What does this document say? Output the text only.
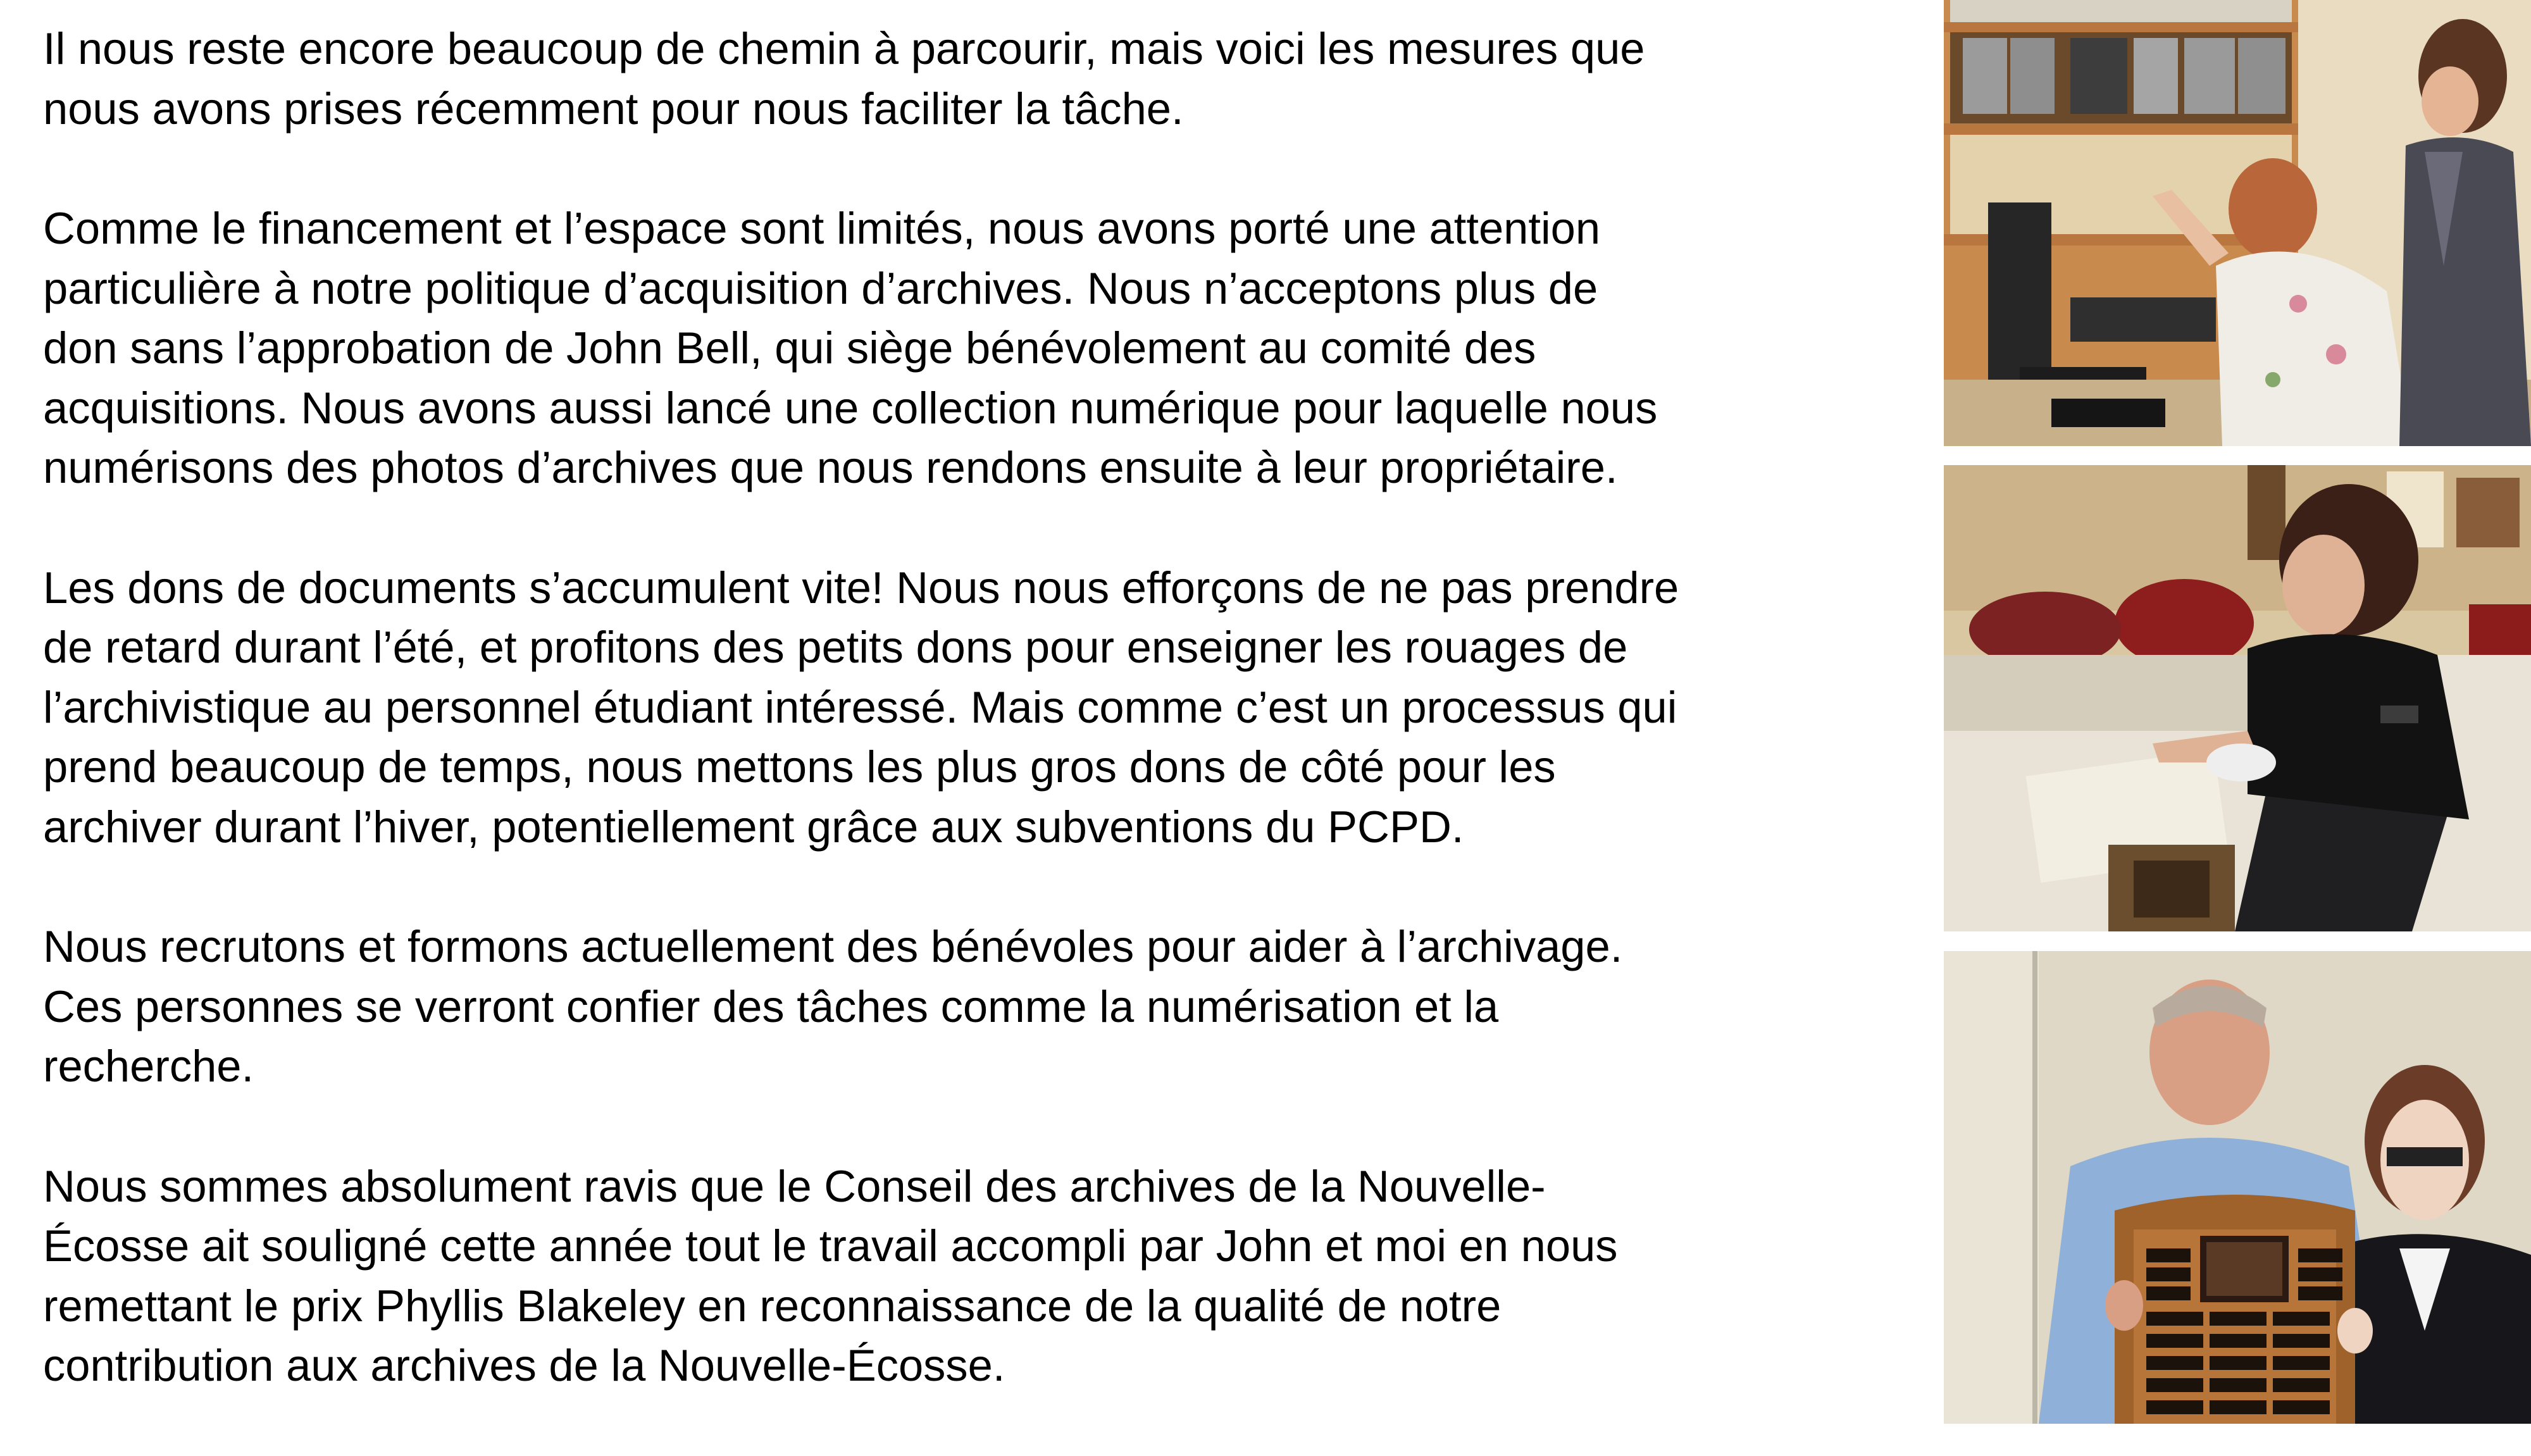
Il nous reste encore beaucoup de chemin à parcourir, mais voici les mesures que
nous avons prises récemment pour nous faciliter la tâche.

Comme le financement et l’espace sont limités, nous avons porté une attention
particulière à notre politique d’acquisition d’archives. Nous n’acceptons plus de
don sans l’approbation de John Bell, qui siège bénévolement au comité des
acquisitions. Nous avons aussi lancé une collection numérique pour laquelle nous
numérisons des photos d’archives que nous rendons ensuite à leur propriétaire.

Les dons de documents s’accumulent vite! Nous nous efforçons de ne pas prendre
de retard durant l’été, et profitons des petits dons pour enseigner les rouages de
l’archivistique au personnel étudiant intéressé. Mais comme c’est un processus qui
prend beaucoup de temps, nous mettons les plus gros dons de côté pour les
archiver durant l’hiver, potentiellement grâce aux subventions du PCPD.

Nous recrutons et formons actuellement des bénévoles pour aider à l’archivage.
Ces personnes se verront confier des tâches comme la numérisation et la
recherche.

Nous sommes absolument ravis que le Conseil des archives de la Nouvelle-
Écosse ait souligné cette année tout le travail accompli par John et moi en nous
remettant le prix Phyllis Blakeley en reconnaissance de la qualité de notre
contribution aux archives de la Nouvelle-Écosse.
